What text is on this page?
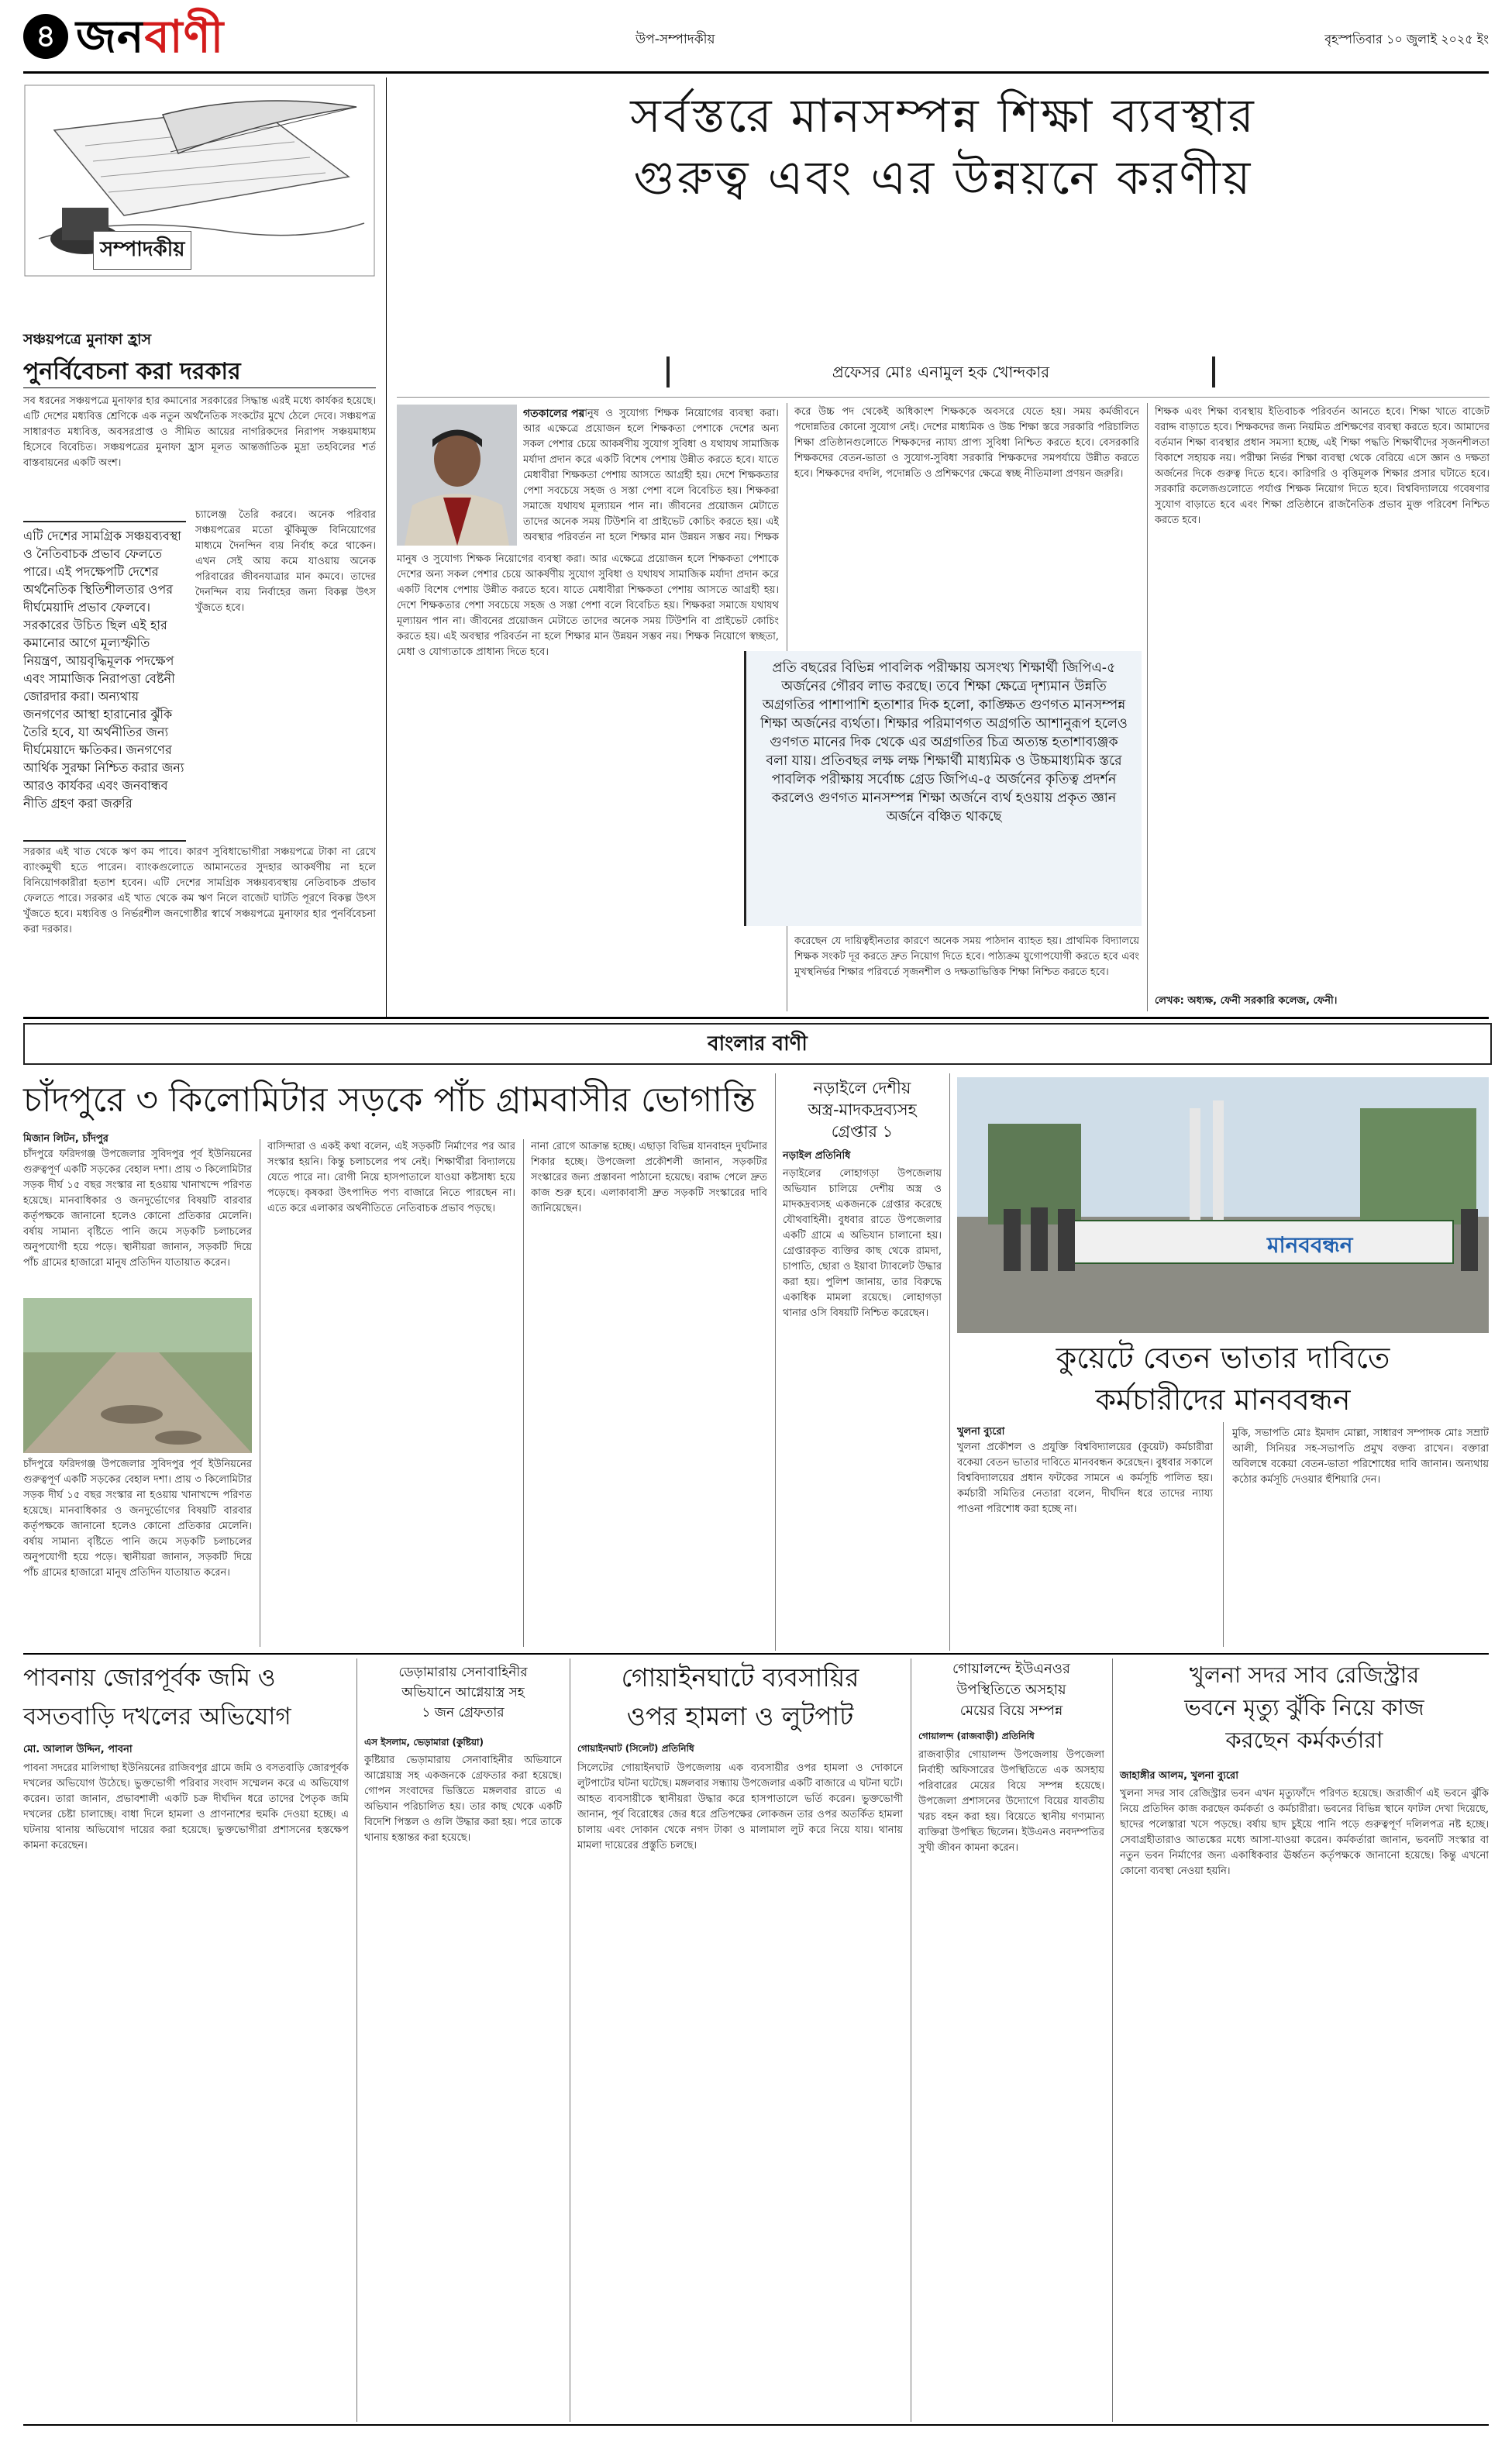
৪ জনবাণী	উপ-সম্পাদকীয়	বৃহস্পতিবার ১০ জুলাই ২০২৫ ইং
সম্পাদকীয়
সঞ্চয়পত্রে মুনাফা হ্রাস
পুনর্বিবেচনা করা দরকার
সব ধরনের সঞ্চয়পত্রে মুনাফার হার কমানোর সরকারের সিদ্ধান্ত এরই মধ্যে কার্যকর হয়েছে। এটি দেশের মধ্যবিত্ত শ্রেণিকে এক নতুন অর্থনৈতিক সংকটের মুখে ঠেলে দেবে। সঞ্চয়পত্র সাধারণত মধ্যবিত্ত, অবসরপ্রাপ্ত ও সীমিত আয়ের নাগরিকদের নিরাপদ সঞ্চয়মাধ্যম হিসেবে বিবেচিত। সঞ্চয়পত্রের মুনাফা হ্রাস মূলত আন্তর্জাতিক মুদ্রা তহবিলের শর্ত বাস্তবায়নের একটি অংশ।
এটি দেশের সামগ্রিক সঞ্চয়ব্যবস্থা ও নৈতিবাচক প্রভাব ফেলতে পারে। এই পদক্ষেপটি দেশের অর্থনৈতিক স্থিতিশীলতার ওপর দীর্ঘমেয়াদি প্রভাব ফেলবে। সরকারের উচিত ছিল এই হার কমানোর আগে মূল্যস্ফীতি নিয়ন্ত্রণ, আয়বৃদ্ধিমূলক পদক্ষেপ এবং সামাজিক নিরাপত্তা বেষ্টনী জোরদার করা। অন্যথায় জনগণের আস্থা হারানোর ঝুঁকি তৈরি হবে, যা অর্থনীতির জন্য দীর্ঘমেয়াদে ক্ষতিকর। জনগণের আর্থিক সুরক্ষা নিশ্চিত করার জন্য আরও কার্যকর এবং জনবান্ধব নীতি গ্রহণ করা জরুরি
চ্যালেঞ্জ তৈরি করবে। অনেক পরিবার সঞ্চয়পত্রের মতো ঝুঁকিমুক্ত বিনিয়োগের মাধ্যমে দৈনন্দিন ব্যয় নির্বাহ করে থাকেন। এখন সেই আয় কমে যাওয়ায় অনেক পরিবারের জীবনযাত্রার মান কমবে। তাদের দৈনন্দিন ব্যয় নির্বাহের জন্য বিকল্প উৎস খুঁজতে হবে।
সরকার এই খাত থেকে ঋণ কম পাবে। কারণ সুবিধাভোগীরা সঞ্চয়পত্রে টাকা না রেখে ব্যাংকমুখী হতে পারেন। ব্যাংকগুলোতে আমানতের সুদহার আকর্ষণীয় না হলে বিনিয়োগকারীরা হতাশ হবেন। এটি দেশের সামগ্রিক সঞ্চয়ব্যবস্থায় নেতিবাচক প্রভাব ফেলতে পারে। সরকার এই খাত থেকে কম ঋণ নিলে বাজেট ঘাটতি পূরণে বিকল্প উৎস খুঁজতে হবে। মধ্যবিত্ত ও নির্ভরশীল জনগোষ্ঠীর স্বার্থে সঞ্চয়পত্রে মুনাফার হার পুনর্বিবেচনা করা দরকার।
সর্বস্তরে মানসম্পন্ন শিক্ষা ব্যবস্থার
গুরুত্ব এবং এর উন্নয়নে করণীয়
প্রফেসর মোঃ এনামুল হক খোন্দকার
গতকালের পর
মানুষ ও সুযোগ্য শিক্ষক নিয়োগের ব্যবস্থা করা। আর এক্ষেত্রে প্রয়োজন হলে শিক্ষকতা পেশাকে দেশের অন্য সকল পেশার চেয়ে আকর্ষণীয় সুযোগ সুবিধা ও যথাযথ সামাজিক মর্যাদা প্রদান করে একটি বিশেষ পেশায় উন্নীত করতে হবে। যাতে মেধাবীরা শিক্ষকতা পেশায় আসতে আগ্রহী হয়। দেশে শিক্ষকতার পেশা সবচেয়ে সহজ ও সস্তা পেশা বলে বিবেচিত হয়। শিক্ষকরা সমাজে যথাযথ মূল্যায়ন পান না। জীবনের প্রয়োজন মেটাতে তাদের অনেক সময় টিউশনি বা প্রাইভেট কোচিং করতে হয়। এই অবস্থার পরিবর্তন না হলে শিক্ষার মান উন্নয়ন সম্ভব নয়। শিক্ষক
মানুষ ও সুযোগ্য শিক্ষক নিয়োগের ব্যবস্থা করা। আর এক্ষেত্রে প্রয়োজন হলে শিক্ষকতা পেশাকে দেশের অন্য সকল পেশার চেয়ে আকর্ষণীয় সুযোগ সুবিধা ও যথাযথ সামাজিক মর্যাদা প্রদান করে একটি বিশেষ পেশায় উন্নীত করতে হবে। যাতে মেধাবীরা শিক্ষকতা পেশায় আসতে আগ্রহী হয়। দেশে শিক্ষকতার পেশা সবচেয়ে সহজ ও সস্তা পেশা বলে বিবেচিত হয়। শিক্ষকরা সমাজে যথাযথ মূল্যায়ন পান না। জীবনের প্রয়োজন মেটাতে তাদের অনেক সময় টিউশনি বা প্রাইভেট কোচিং করতে হয়। এই অবস্থার পরিবর্তন না হলে শিক্ষার মান উন্নয়ন সম্ভব নয়। শিক্ষক নিয়োগে স্বচ্ছতা, মেধা ও যোগ্যতাকে প্রাধান্য দিতে হবে।
করে উচ্চ পদ থেকেই অধিকাংশ শিক্ষককে অবসরে যেতে হয়। সময় কর্মজীবনে পদোন্নতির কোনো সুযোগ নেই। দেশের মাধ্যমিক ও উচ্চ শিক্ষা স্তরে সরকারি পরিচালিত শিক্ষা প্রতিষ্ঠানগুলোতে শিক্ষকদের ন্যায্য প্রাপ্য সুবিধা নিশ্চিত করতে হবে। বেসরকারি শিক্ষকদের বেতন-ভাতা ও সুযোগ-সুবিধা সরকারি শিক্ষকদের সমপর্যায়ে উন্নীত করতে হবে। শিক্ষকদের বদলি, পদোন্নতি ও প্রশিক্ষণের ক্ষেত্রে স্বচ্ছ নীতিমালা প্রণয়ন জরুরি।
প্রতি বছরের বিভিন্ন পাবলিক পরীক্ষায় অসংখ্য শিক্ষার্থী জিপিএ-৫ অর্জনের গৌরব লাভ করছে। তবে শিক্ষা ক্ষেত্রে দৃশ্যমান উন্নতি অগ্রগতির পাশাপাশি হতাশার দিক হলো, কাঙ্ক্ষিত গুণগত মানসম্পন্ন শিক্ষা অর্জনের ব্যর্থতা। শিক্ষার পরিমাণগত অগ্রগতি আশানুরূপ হলেও গুণগত মানের দিক থেকে এর অগ্রগতির চিত্র অত্যন্ত হতাশাব্যঞ্জক বলা যায়। প্রতিবছর লক্ষ লক্ষ শিক্ষার্থী মাধ্যমিক ও উচ্চমাধ্যমিক স্তরে পাবলিক পরীক্ষায় সর্বোচ্চ গ্রেড জিপিএ-৫ অর্জনের কৃতিত্ব প্রদর্শন করলেও গুণগত মানসম্পন্ন শিক্ষা অর্জনে ব্যর্থ হওয়ায় প্রকৃত জ্ঞান অর্জনে বঞ্চিত থাকছে
করেছেন যে দায়িত্বহীনতার কারণে অনেক সময় পাঠদান ব্যাহত হয়। প্রাথমিক বিদ্যালয়ে শিক্ষক সংকট দূর করতে দ্রুত নিয়োগ দিতে হবে। পাঠ্যক্রম যুগোপযোগী করতে হবে এবং মুখস্থনির্ভর শিক্ষার পরিবর্তে সৃজনশীল ও দক্ষতাভিত্তিক শিক্ষা নিশ্চিত করতে হবে।
শিক্ষক এবং শিক্ষা ব্যবস্থায় ইতিবাচক পরিবর্তন আনতে হবে। শিক্ষা খাতে বাজেট বরাদ্দ বাড়াতে হবে। শিক্ষকদের জন্য নিয়মিত প্রশিক্ষণের ব্যবস্থা করতে হবে। আমাদের বর্তমান শিক্ষা ব্যবস্থার প্রধান সমস্যা হচ্ছে, এই শিক্ষা পদ্ধতি শিক্ষার্থীদের সৃজনশীলতা বিকাশে সহায়ক নয়। পরীক্ষা নির্ভর শিক্ষা ব্যবস্থা থেকে বেরিয়ে এসে জ্ঞান ও দক্ষতা অর্জনের দিকে গুরুত্ব দিতে হবে। কারিগরি ও বৃত্তিমূলক শিক্ষার প্রসার ঘটাতে হবে। সরকারি কলেজগুলোতে পর্যাপ্ত শিক্ষক নিয়োগ দিতে হবে। বিশ্ববিদ্যালয়ে গবেষণার সুযোগ বাড়াতে হবে এবং শিক্ষা প্রতিষ্ঠানে রাজনৈতিক প্রভাব মুক্ত পরিবেশ নিশ্চিত করতে হবে।
লেখক: অধ্যক্ষ, ফেনী সরকারি কলেজ, ফেনী।
বাংলার বাণী
চাঁদপুরে ৩ কিলোমিটার সড়কে পাঁচ গ্রামবাসীর ভোগান্তি
মিজান লিটন, চাঁদপুর
চাঁদপুরে ফরিদগঞ্জ উপজেলার সুবিদপুর পূর্ব ইউনিয়নের গুরুত্বপূর্ণ একটি সড়কের বেহাল দশা। প্রায় ৩ কিলোমিটার সড়ক দীর্ঘ ১৫ বছর সংস্কার না হওয়ায় খানাখন্দে পরিণত হয়েছে। মানবাধিকার ও জনদুর্ভোগের বিষয়টি বারবার কর্তৃপক্ষকে জানানো হলেও কোনো প্রতিকার মেলেনি। বর্ষায় সামান্য বৃষ্টিতে পানি জমে সড়কটি চলাচলের অনুপযোগী হয়ে পড়ে। স্থানীয়রা জানান, সড়কটি দিয়ে পাঁচ গ্রামের হাজারো মানুষ প্রতিদিন যাতায়াত করেন।
চাঁদপুরে ফরিদগঞ্জ উপজেলার সুবিদপুর পূর্ব ইউনিয়নের গুরুত্বপূর্ণ একটি সড়কের বেহাল দশা। প্রায় ৩ কিলোমিটার সড়ক দীর্ঘ ১৫ বছর সংস্কার না হওয়ায় খানাখন্দে পরিণত হয়েছে। মানবাধিকার ও জনদুর্ভোগের বিষয়টি বারবার কর্তৃপক্ষকে জানানো হলেও কোনো প্রতিকার মেলেনি। বর্ষায় সামান্য বৃষ্টিতে পানি জমে সড়কটি চলাচলের অনুপযোগী হয়ে পড়ে। স্থানীয়রা জানান, সড়কটি দিয়ে পাঁচ গ্রামের হাজারো মানুষ প্রতিদিন যাতায়াত করেন।
বাসিন্দারা ও একই কথা বলেন, এই সড়কটি নির্মাণের পর আর সংস্কার হয়নি। কিন্তু চলাচলের পথ নেই। শিক্ষার্থীরা বিদ্যালয়ে যেতে পারে না। রোগী নিয়ে হাসপাতালে যাওয়া কষ্টসাধ্য হয়ে পড়েছে। কৃষকরা উৎপাদিত পণ্য বাজারে নিতে পারছেন না। এতে করে এলাকার অর্থনীতিতে নেতিবাচক প্রভাব পড়ছে।
নানা রোগে আক্রান্ত হচ্ছে। এছাড়া বিভিন্ন যানবাহন দুর্ঘটনার শিকার হচ্ছে। উপজেলা প্রকৌশলী জানান, সড়কটির সংস্কারের জন্য প্রস্তাবনা পাঠানো হয়েছে। বরাদ্দ পেলে দ্রুত কাজ শুরু হবে। এলাকাবাসী দ্রুত সড়কটি সংস্কারের দাবি জানিয়েছেন।
নড়াইলে দেশীয়
অস্ত্র-মাদকদ্রব্যসহ
গ্রেপ্তার ১
নড়াইল প্রতিনিধি
নড়াইলের লোহাগড়া উপজেলায় অভিযান চালিয়ে দেশীয় অস্ত্র ও মাদকদ্রব্যসহ একজনকে গ্রেপ্তার করেছে যৌথবাহিনী। বুধবার রাতে উপজেলার একটি গ্রামে এ অভিযান চালানো হয়। গ্রেপ্তারকৃত ব্যক্তির কাছ থেকে রামদা, চাপাতি, ছোরা ও ইয়াবা ট্যাবলেট উদ্ধার করা হয়। পুলিশ জানায়, তার বিরুদ্ধে একাধিক মামলা রয়েছে। লোহাগড়া থানার ওসি বিষয়টি নিশ্চিত করেছেন।
মানববন্ধন
কুয়েটে বেতন ভাতার দাবিতে
কর্মচারীদের মানববন্ধন
খুলনা ব্যুরো
খুলনা প্রকৌশল ও প্রযুক্তি বিশ্ববিদ্যালয়ের (কুয়েট) কর্মচারীরা বকেয়া বেতন ভাতার দাবিতে মানববন্ধন করেছেন। বুধবার সকালে বিশ্ববিদ্যালয়ের প্রধান ফটকের সামনে এ কর্মসূচি পালিত হয়। কর্মচারী সমিতির নেতারা বলেন, দীর্ঘদিন ধরে তাদের ন্যায্য পাওনা পরিশোধ করা হচ্ছে না।
মুকি, সভাপতি মোঃ ইমদাদ মোল্লা, সাধারণ সম্পাদক মোঃ সম্রাট আলী, সিনিয়র সহ-সভাপতি প্রমুখ বক্তব্য রাখেন। বক্তারা অবিলম্বে বকেয়া বেতন-ভাতা পরিশোধের দাবি জানান। অন্যথায় কঠোর কর্মসূচি দেওয়ার হুঁশিয়ারি দেন।
পাবনায় জোরপূর্বক জমি ও
বসতবাড়ি দখলের অভিযোগ
মো. আলাল উদ্দিন, পাবনা
পাবনা সদরের মালিগাছা ইউনিয়নের রাজিবপুর গ্রামে জমি ও বসতবাড়ি জোরপূর্বক দখলের অভিযোগ উঠেছে। ভুক্তভোগী পরিবার সংবাদ সম্মেলন করে এ অভিযোগ করেন। তারা জানান, প্রভাবশালী একটি চক্র দীর্ঘদিন ধরে তাদের পৈতৃক জমি দখলের চেষ্টা চালাচ্ছে। বাধা দিলে হামলা ও প্রাণনাশের হুমকি দেওয়া হচ্ছে। এ ঘটনায় থানায় অভিযোগ দায়ের করা হয়েছে। ভুক্তভোগীরা প্রশাসনের হস্তক্ষেপ কামনা করেছেন।
ডেড়ামারায় সেনাবাহিনীর
অভিযানে আগ্নেয়াস্ত্র সহ
১ জন গ্রেফতার
এস ইসলাম, ভেড়ামারা (কুষ্টিয়া)
কুষ্টিয়ার ভেড়ামারায় সেনাবাহিনীর অভিযানে আগ্নেয়াস্ত্র সহ একজনকে গ্রেফতার করা হয়েছে। গোপন সংবাদের ভিত্তিতে মঙ্গলবার রাতে এ অভিযান পরিচালিত হয়। তার কাছ থেকে একটি বিদেশি পিস্তল ও গুলি উদ্ধার করা হয়। পরে তাকে থানায় হস্তান্তর করা হয়েছে।
গোয়াইনঘাটে ব্যবসায়ির
ওপর হামলা ও লুটপাট
গোয়াইনঘাট (সিলেট) প্রতিনিধি
সিলেটের গোয়াইনঘাট উপজেলায় এক ব্যবসায়ীর ওপর হামলা ও দোকানে লুটপাটের ঘটনা ঘটেছে। মঙ্গলবার সন্ধ্যায় উপজেলার একটি বাজারে এ ঘটনা ঘটে। আহত ব্যবসায়ীকে স্থানীয়রা উদ্ধার করে হাসপাতালে ভর্তি করেন। ভুক্তভোগী জানান, পূর্ব বিরোধের জের ধরে প্রতিপক্ষের লোকজন তার ওপর অতর্কিত হামলা চালায় এবং দোকান থেকে নগদ টাকা ও মালামাল লুট করে নিয়ে যায়। থানায় মামলা দায়েরের প্রস্তুতি চলছে।
গোয়ালন্দে ইউএনওর
উপস্থিতিতে অসহায়
মেয়ের বিয়ে সম্পন্ন
গোয়ালন্দ (রাজবাড়ী) প্রতিনিধি
রাজবাড়ীর গোয়ালন্দ উপজেলায় উপজেলা নির্বাহী অফিসারের উপস্থিতিতে এক অসহায় পরিবারের মেয়ের বিয়ে সম্পন্ন হয়েছে। উপজেলা প্রশাসনের উদ্যোগে বিয়ের যাবতীয় খরচ বহন করা হয়। বিয়েতে স্থানীয় গণ্যমান্য ব্যক্তিরা উপস্থিত ছিলেন। ইউএনও নবদম্পতির সুখী জীবন কামনা করেন।
খুলনা সদর সাব রেজিস্ট্রার
ভবনে মৃত্যু ঝুঁকি নিয়ে কাজ
করছেন কর্মকর্তারা
জাহাঙ্গীর আলম, খুলনা ব্যুরো
খুলনা সদর সাব রেজিস্ট্রার ভবন এখন মৃত্যুফাঁদে পরিণত হয়েছে। জরাজীর্ণ এই ভবনে ঝুঁকি নিয়ে প্রতিদিন কাজ করছেন কর্মকর্তা ও কর্মচারীরা। ভবনের বিভিন্ন স্থানে ফাটল দেখা দিয়েছে, ছাদের পলেস্তারা খসে পড়ছে। বর্ষায় ছাদ চুইয়ে পানি পড়ে গুরুত্বপূর্ণ দলিলপত্র নষ্ট হচ্ছে। সেবাগ্রহীতারাও আতঙ্কের মধ্যে আসা-যাওয়া করেন। কর্মকর্তারা জানান, ভবনটি সংস্কার বা নতুন ভবন নির্মাণের জন্য একাধিকবার ঊর্ধ্বতন কর্তৃপক্ষকে জানানো হয়েছে। কিন্তু এখনো কোনো ব্যবস্থা নেওয়া হয়নি।
